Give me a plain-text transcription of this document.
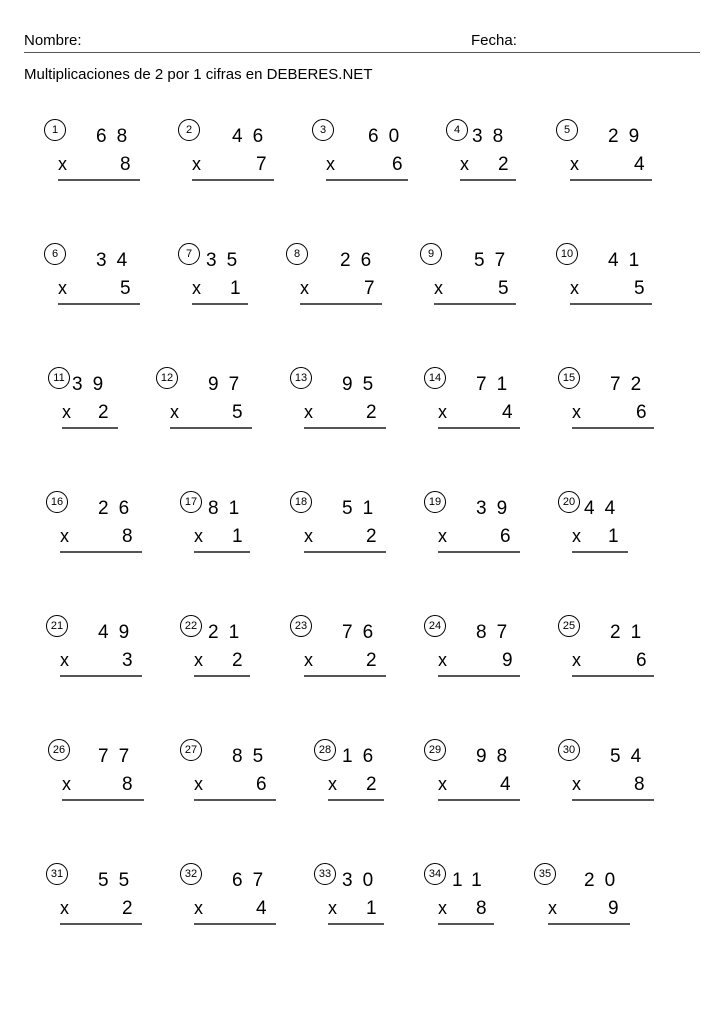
Nombre:	Fecha:
Multiplicaciones de 2 por 1 cifras en DEBERES.NET
1	68
x	8
2	46
x	7
3	60
x	6
4 38
x 2
5	29
x	4
6	34
x	5
7 35
x 1
8	26
x	7
9	57
x	5
10 41
x	5
11 39
x 2
12 97
x	5
13 95
x	2
14 71
x	4
15 72
x	6
16 26
x	8
17 81
x 1
18 51
x	2
19 39
x	6
20 44
x 1
21 49
x	3
22 21
x 2
23 76
x	2
24 87
x	9
25 21
x	6
26 77
x	8
27 85
x	6
28 16
x 2
29 98
x	4
30 54
x	8
31 55
x	2
32 67
x	4
33 30
x 1
34 11
x 8
35 20
x	9
